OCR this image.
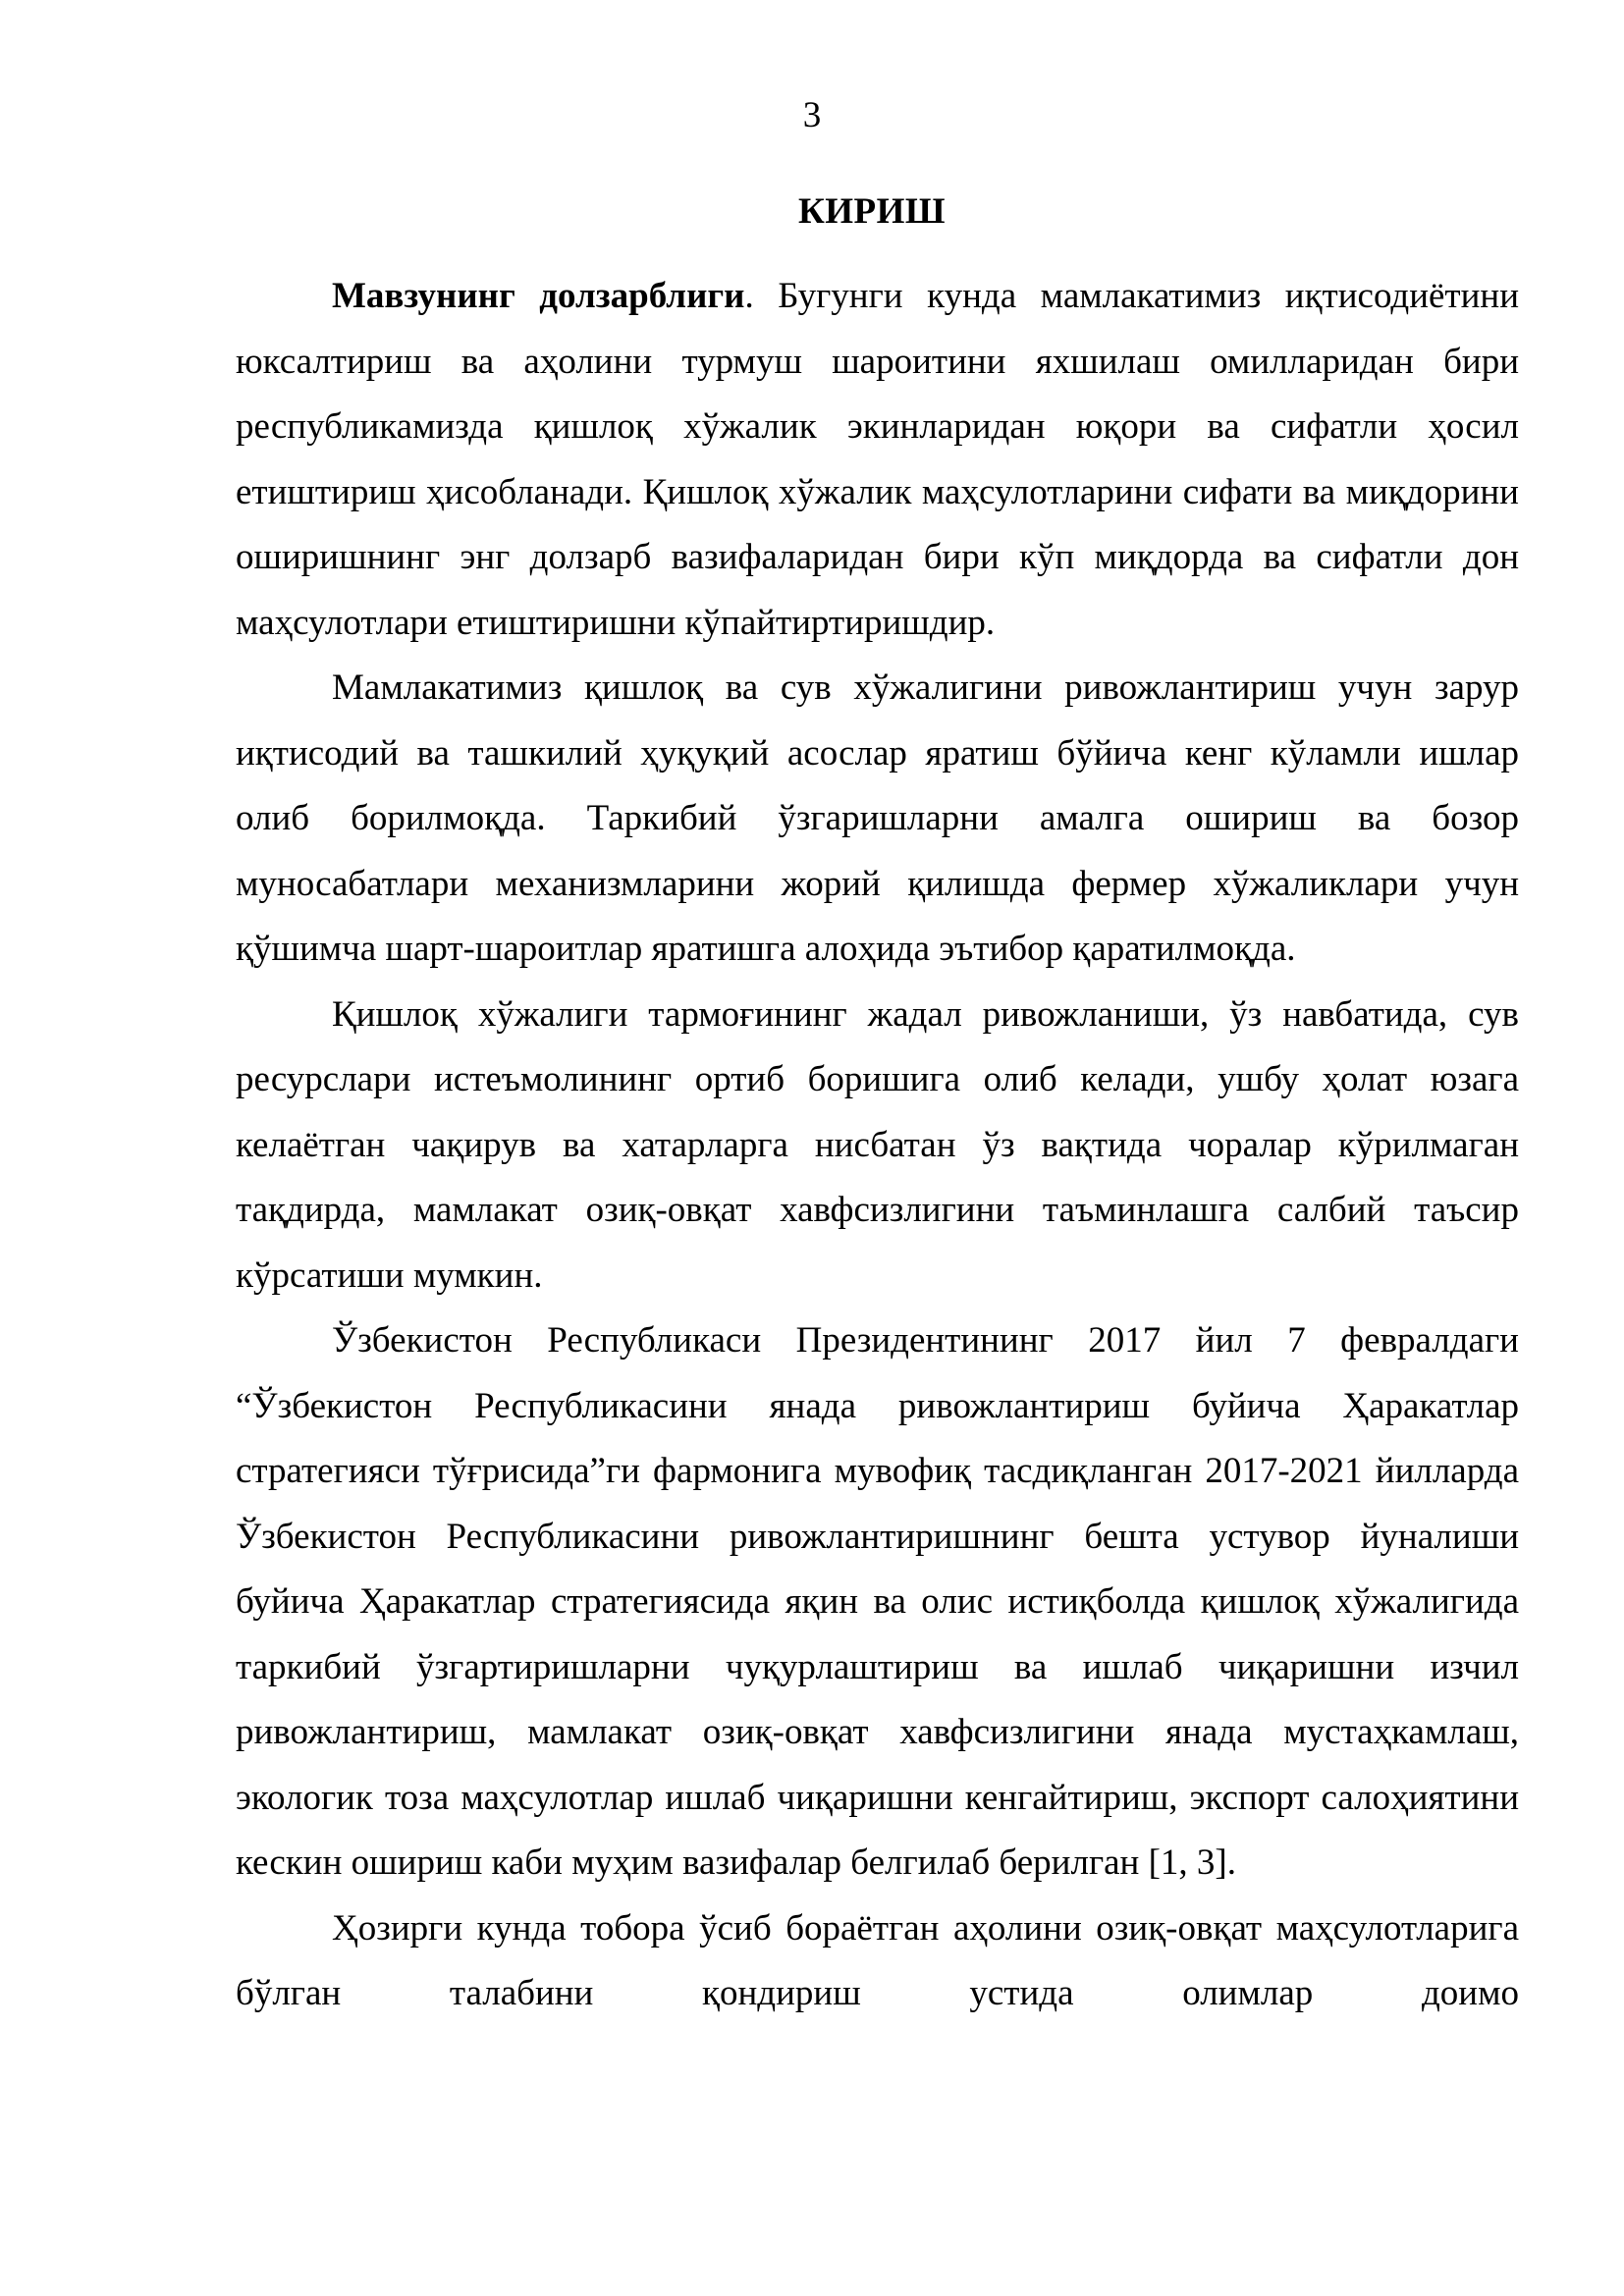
3
КИРИШ

Мавзунинг долзарблиги. Бугунги кунда мамлакатимиз иқтисодиётини юксалтириш ва аҳолини турмуш шароитини яхшилаш омилларидан бири республикамизда қишлоқ хўжалик экинларидан юқори ва сифатли ҳосил етиштириш ҳисобланади. Қишлоқ хўжалик маҳсулотларини сифати ва миқдорини оширишнинг энг долзарб вазифаларидан бири кўп миқдорда ва сифатли дон маҳсулотлари етиштиришни кўпайтиртиришдир.

Мамлакатимиз қишлоқ ва сув хўжалигини ривожлантириш учун зарур иқтисодий ва ташкилий ҳуқуқий асослар яратиш бўйича кенг кўламли ишлар олиб борилмоқда. Таркибий ўзгаришларни амалга ошириш ва бозор муносабатлари механизмларини жорий қилишда фермер хўжаликлари учун қўшимча шарт-шароитлар яратишга алоҳида эътибор қаратилмоқда.

Қишлоқ хўжалиги тармоғининг жадал ривожланиши, ўз навбатида, сув ресурслари истеъмолининг ортиб боришига олиб келади, ушбу ҳолат юзага келаётган чақирув ва хатарларга нисбатан ўз вақтида чоралар кўрилмаган тақдирда, мамлакат озиқ-овқат хавфсизлигини таъминлашга салбий таъсир кўрсатиши мумкин.

Ўзбекистон Республикаси Президентининг 2017 йил 7 февралдаги “Ўзбекистон Республикасини янада ривожлантириш буйича Ҳаракатлар стратегияси тўғрисида”ги фармонига мувофиқ тасдиқланган 2017-2021 йилларда Ўзбекистон Республикасини ривожлантиришнинг бешта устувор йуналиши буйича Ҳаракатлар стратегиясида яқин ва олис истиқболда қишлоқ хўжалигида таркибий ўзгартиришларни чуқурлаштириш ва ишлаб чиқаришни изчил ривожлантириш, мамлакат озиқ-овқат хавфсизлигини янада мустаҳкамлаш, экологик тоза маҳсулотлар ишлаб чиқаришни кенгайтириш, экспорт салоҳиятини кескин ошириш каби муҳим вазифалар белгилаб берилган [1, 3].

Ҳозирги кунда тобора ўсиб бораётган аҳолини озиқ-овқат маҳсулотларига бўлган талабини қондириш устида олимлар доимо
